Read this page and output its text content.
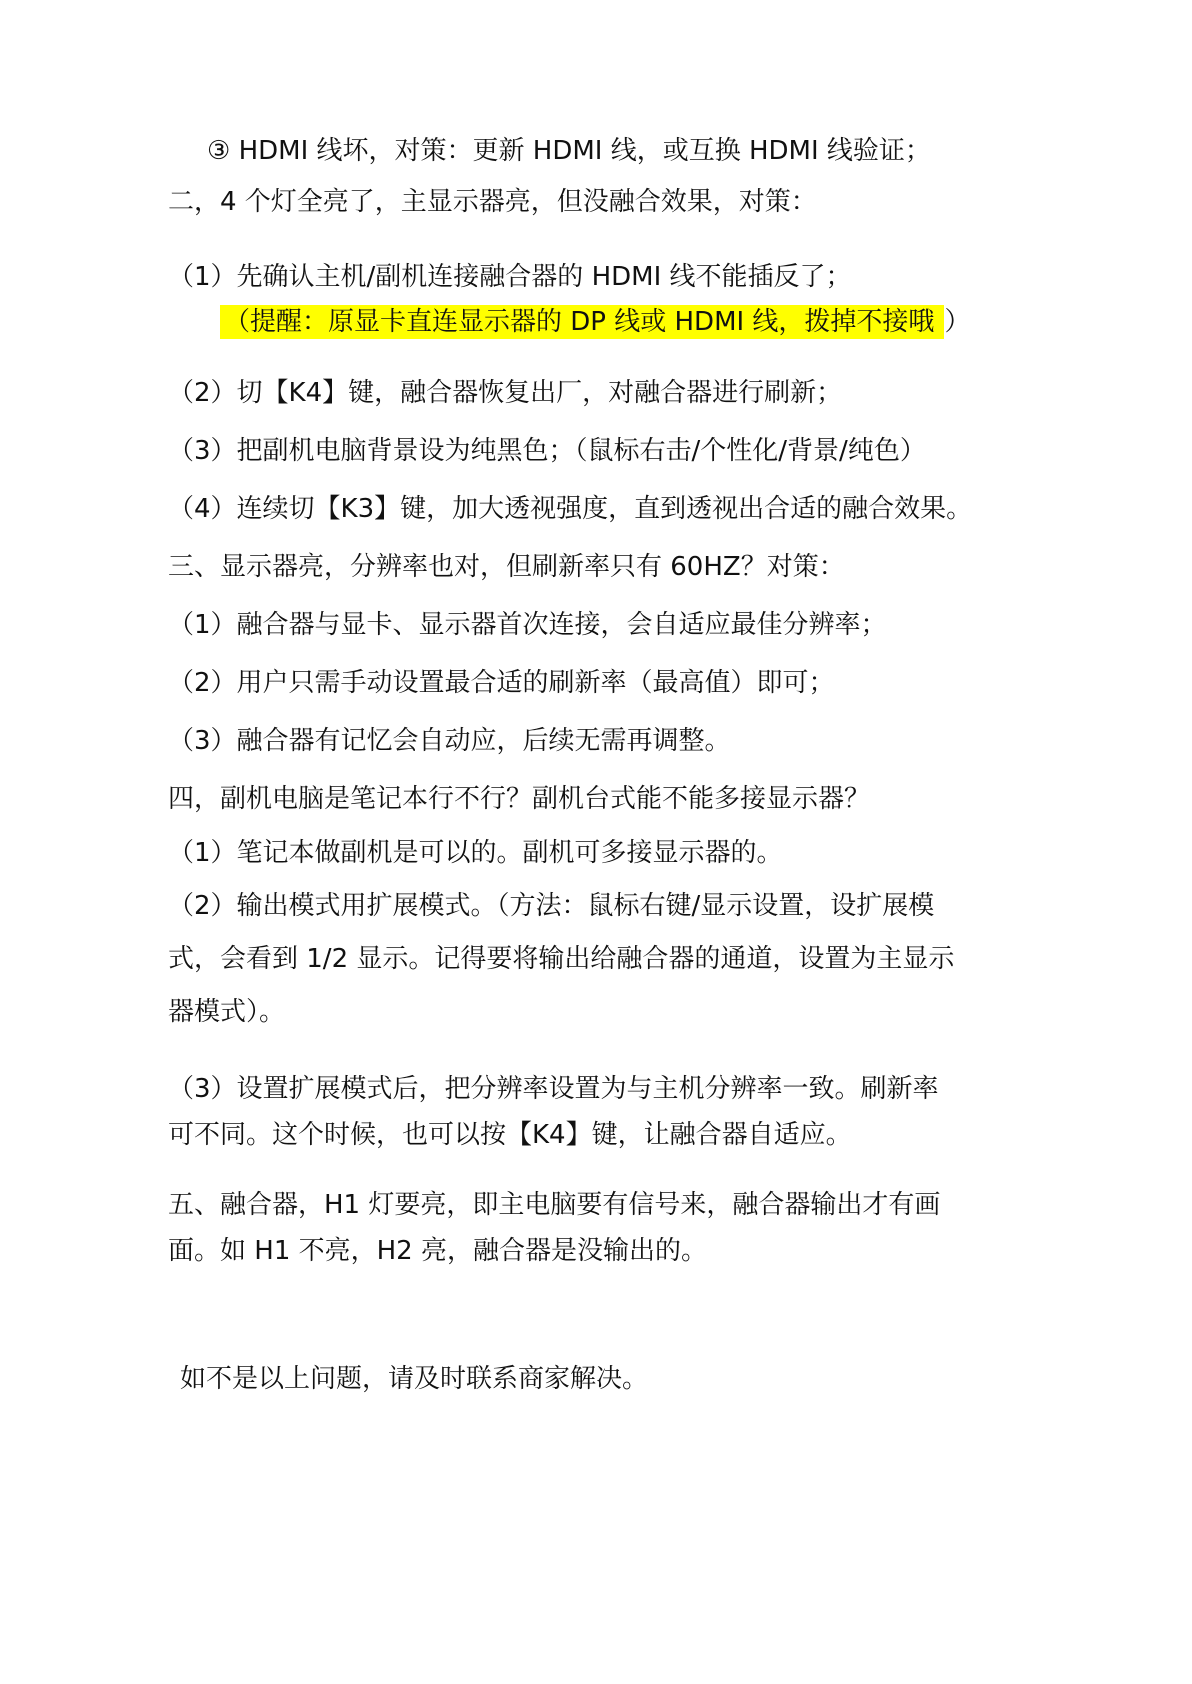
③ HDMI 线坏，对策：更新 HDMI 线，或互换 HDMI 线验证；
二，4 个灯全亮了，主显示器亮，但没融合效果，对策：
（1）先确认主机/副机连接融合器的 HDMI 线不能插反了；
（提醒：原显卡直连显示器的 DP 线或 HDMI 线，拨掉不接哦 ）
（2）切【K4】键，融合器恢复出厂，对融合器进行刷新；
（3）把副机电脑背景设为纯黑色；（鼠标右击/个性化/背景/纯色）
（4）连续切【K3】键，加大透视强度，直到透视出合适的融合效果。
三、显示器亮，分辨率也对，但刷新率只有 60HZ？对策：
（1）融合器与显卡、显示器首次连接，会自适应最佳分辨率；
（2）用户只需手动设置最合适的刷新率（最高值）即可；
（3）融合器有记忆会自动应，后续无需再调整。
四，副机电脑是笔记本行不行？副机台式能不能多接显示器？
（1）笔记本做副机是可以的。副机可多接显示器的。
（2）输出模式用扩展模式。（方法：鼠标右键/显示设置，设扩展模
式，会看到 1/2 显示。记得要将输出给融合器的通道，设置为主显示
器模式）。
（3）设置扩展模式后，把分辨率设置为与主机分辨率一致。刷新率
可不同。这个时候，也可以按【K4】键，让融合器自适应。
五、融合器，H1 灯要亮，即主电脑要有信号来，融合器输出才有画
面。如 H1 不亮，H2 亮，融合器是没输出的。
如不是以上问题，请及时联系商家解决。
